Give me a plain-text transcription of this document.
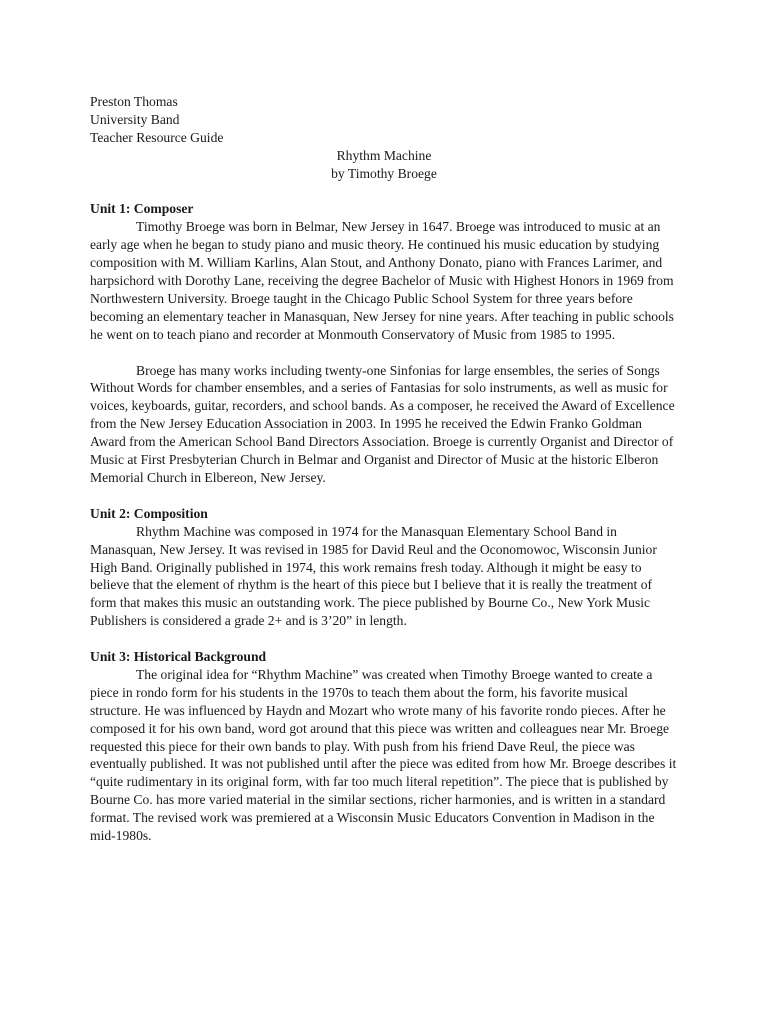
Preston Thomas
University Band
Teacher Resource Guide
Rhythm Machine
by Timothy Broege
Unit 1: Composer

Timothy Broege was born in Belmar, New Jersey in 1647. Broege was introduced to music at an early age when he began to study piano and music theory. He continued his music education by studying composition with M. William Karlins, Alan Stout, and Anthony Donato, piano with Frances Larimer, and harpsichord with Dorothy Lane, receiving the degree Bachelor of Music with Highest Honors in 1969 from Northwestern University. Broege taught in the Chicago Public School System for three years before becoming an elementary teacher in Manasquan, New Jersey for nine years. After teaching in public schools he went on to teach piano and recorder at Monmouth Conservatory of Music from 1985 to 1995.

Broege has many works including twenty-one Sinfonias for large ensembles, the series of Songs Without Words for chamber ensembles, and a series of Fantasias for solo instruments, as well as music for voices, keyboards, guitar, recorders, and school bands. As a composer, he received the Award of Excellence from the New Jersey Education Association in 2003. In 1995 he received the Edwin Franko Goldman Award from the American School Band Directors Association. Broege is currently Organist and Director of Music at First Presbyterian Church in Belmar and Organist and Director of Music at the historic Elberon Memorial Church in Elbereon, New Jersey.

Unit 2: Composition

Rhythm Machine was composed in 1974 for the Manasquan Elementary School Band in Manasquan, New Jersey. It was revised in 1985 for David Reul and the Oconomowoc, Wisconsin Junior High Band. Originally published in 1974, this work remains fresh today. Although it might be easy to believe that the element of rhythm is the heart of this piece but I believe that it is really the treatment of form that makes this music an outstanding work. The piece published by Bourne Co., New York Music Publishers is considered a grade 2+ and is 3’20” in length.

Unit 3: Historical Background

The original idea for “Rhythm Machine” was created when Timothy Broege wanted to create a piece in rondo form for his students in the 1970s to teach them about the form, his favorite musical structure. He was influenced by Haydn and Mozart who wrote many of his favorite rondo pieces. After he composed it for his own band, word got around that this piece was written and colleagues near Mr. Broege requested this piece for their own bands to play. With push from his friend Dave Reul, the piece was eventually published. It was not published until after the piece was edited from how Mr. Broege describes it “quite rudimentary in its original form, with far too much literal repetition”. The piece that is published by Bourne Co. has more varied material in the similar sections, richer harmonies, and is written in a standard format. The revised work was premiered at a Wisconsin Music Educators Convention in Madison in the mid-1980s.
